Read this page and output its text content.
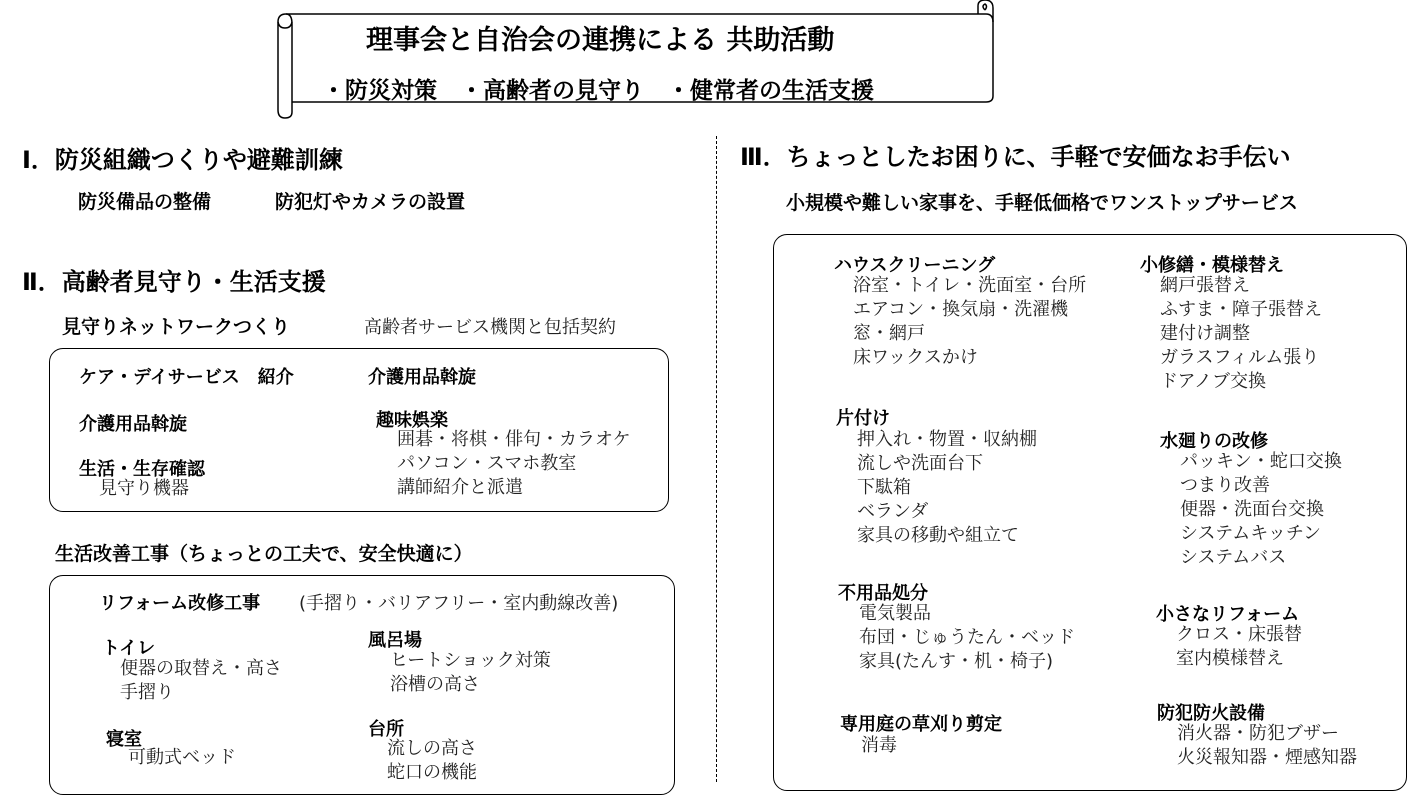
理事会と自治会の連携による 共助活動
・防災対策　・高齢者の見守り　・健常者の生活支援
Ⅰ．防災組織つくりや避難訓練
防災備品の整備	防犯灯やカメラの設置
Ⅱ．高齢者見守り・生活支援
見守りネットワークつくり	高齢者サービス機関と包括契約
ケア・デイサービス　紹介	介護用品斡旋
介護用品斡旋	趣味娯楽
囲碁・将棋・俳句・カラオケ
パソコン・スマホ教室
講師紹介と派遣
生活・生存確認
見守り機器
生活改善工事（ちょっとの工夫で、安全快適に）
リフォーム改修工事 (手摺り・バリアフリー・室内動線改善)
トイレ
便器の取替え・高さ
手摺り
風呂場
ヒートショック対策
浴槽の高さ
寝室
可動式ベッド
台所
流しの高さ
蛇口の機能
Ⅲ．ちょっとしたお困りに、手軽で安価なお手伝い
小規模や難しい家事を、手軽低価格でワンストップサービス
ハウスクリーニング
浴室・トイレ・洗面室・台所
エアコン・換気扇・洗濯機
窓・網戸
床ワックスかけ
小修繕・模様替え
網戸張替え
ふすま・障子張替え
建付け調整
ガラスフィルム張り
ドアノブ交換
片付け
押入れ・物置・収納棚
流しや洗面台下
下駄箱
ベランダ
家具の移動や組立て
水廻りの改修
パッキン・蛇口交換
つまり改善
便器・洗面台交換
システムキッチン
システムバス
不用品処分
電気製品
布団・じゅうたん・ベッド
家具(たんす・机・椅子)
小さなリフォーム
クロス・床張替
室内模様替え
専用庭の草刈り剪定
消毒
防犯防火設備
消火器・防犯ブザー
火災報知器・煙感知器
